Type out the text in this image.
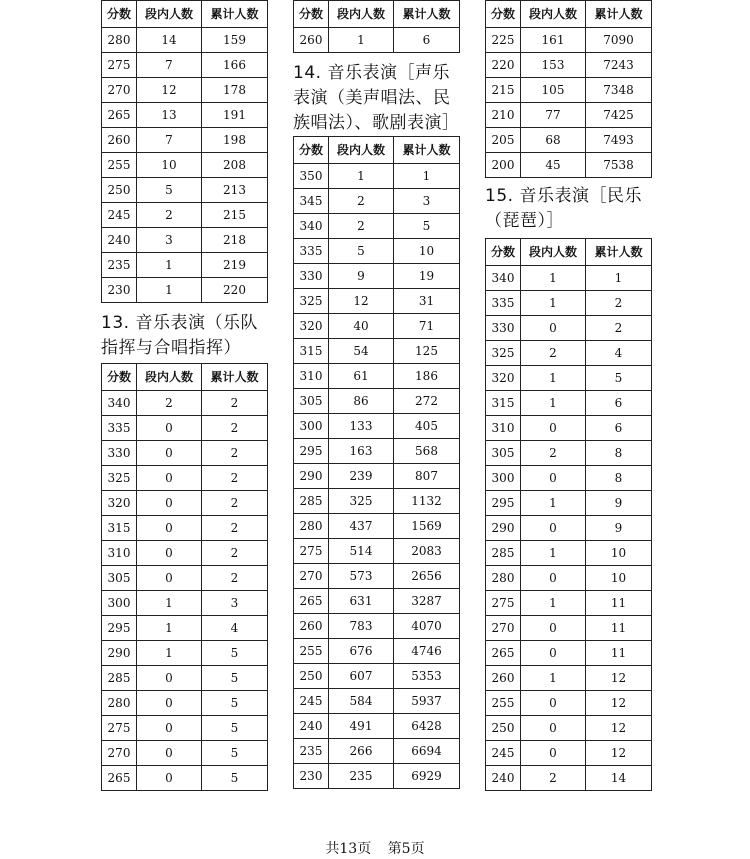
分数	段内人数	累计人数
280	14	159
275	7	166
270	12	178
265	13	191
260	7	198
255	10	208
250	5	213
245	2	215
240	3	218
235	1	219
230	1	220
13. 音乐表演（乐队
指挥与合唱指挥）
分数	段内人数	累计人数
340	2	2
335	0	2
330	0	2
325	0	2
320	0	2
315	0	2
310	0	2
305	0	2
300	1	3
295	1	4
290	1	5
285	0	5
280	0	5
275	0	5
270	0	5
265	0	5
分数	段内人数	累计人数
260	1	6
14. 音乐表演［声乐
表演（美声唱法、民
族唱法）、歌剧表演］
分数	段内人数	累计人数
350	1	1
345	2	3
340	2	5
335	5	10
330	9	19
325	12	31
320	40	71
315	54	125
310	61	186
305	86	272
300	133	405
295	163	568
290	239	807
285	325	1132
280	437	1569
275	514	2083
270	573	2656
265	631	3287
260	783	4070
255	676	4746
250	607	5353
245	584	5937
240	491	6428
235	266	6694
230	235	6929
分数	段内人数	累计人数
225	161	7090
220	153	7243
215	105	7348
210	77	7425
205	68	7493
200	45	7538
15. 音乐表演［民乐
（琵琶）］
分数	段内人数	累计人数
340	1	1
335	1	2
330	0	2
325	2	4
320	1	5
315	1	6
310	0	6
305	2	8
300	0	8
295	1	9
290	0	9
285	1	10
280	0	10
275	1	11
270	0	11
265	0	11
260	1	12
255	0	12
250	0	12
245	0	12
240	2	14
共13页 第5页
